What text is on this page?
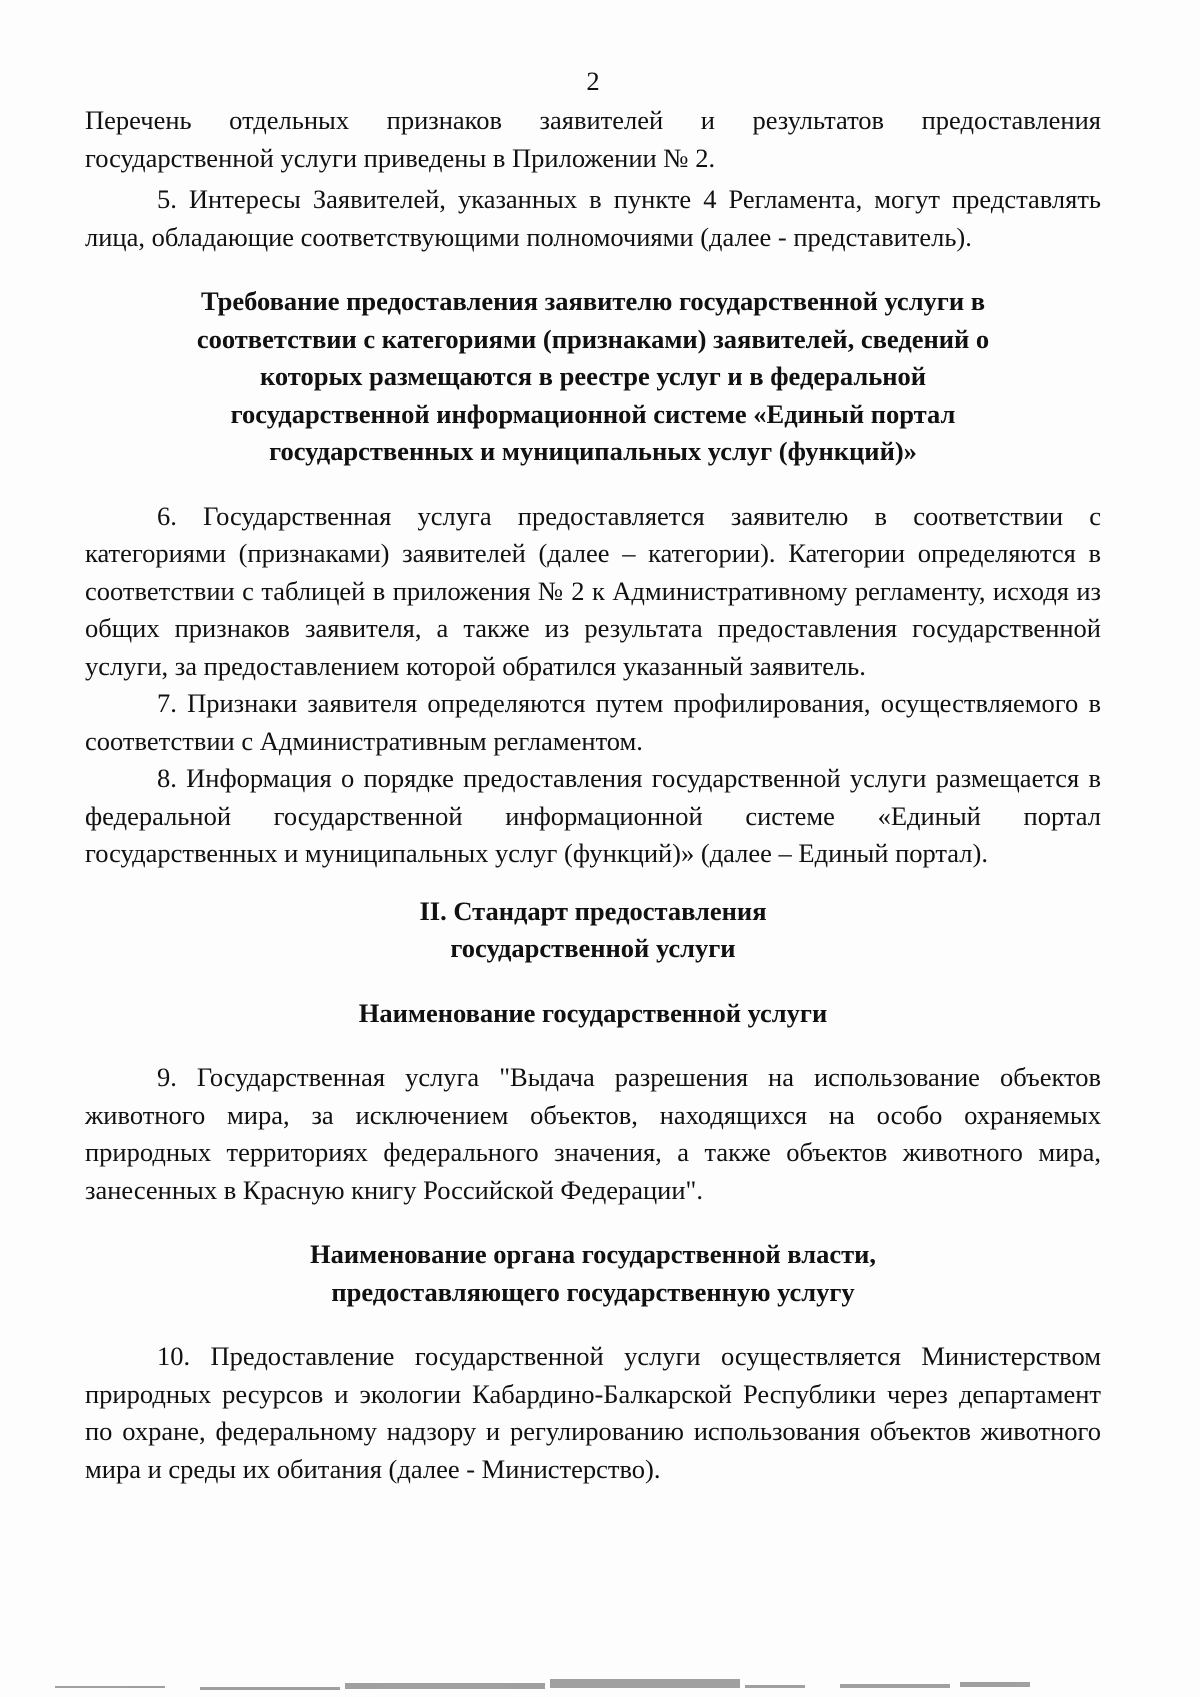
2

Перечень отдельных признаков заявителей и результатов предоставления государственной услуги приведены в Приложении № 2.

5. Интересы Заявителей, указанных в пункте 4 Регламента, могут представлять лица, обладающие соответствующими полномочиями (далее - представитель).

Требование предоставления заявителю государственной услуги в соответствии с категориями (признаками) заявителей, сведений о которых размещаются в реестре услуг и в федеральной государственной информационной системе «Единый портал государственных и муниципальных услуг (функций)»

6. Государственная услуга предоставляется заявителю в соответствии с категориями (признаками) заявителей (далее – категории). Категории определяются в соответствии с таблицей в приложения № 2 к Административному регламенту, исходя из общих признаков заявителя, а также из результата предоставления государственной услуги, за предоставлением которой обратился указанный заявитель.

7. Признаки заявителя определяются путем профилирования, осуществляемого в соответствии с Административным регламентом.

8. Информация о порядке предоставления государственной услуги размещается в федеральной государственной информационной системе «Единый портал государственных и муниципальных услуг (функций)» (далее – Единый портал).

II. Стандарт предоставления
государственной услуги
Наименование государственной услуги

9. Государственная услуга "Выдача разрешения на использование объектов животного мира, за исключением объектов, находящихся на особо охраняемых природных территориях федерального значения, а также объектов животного мира, занесенных в Красную книгу Российской Федерации".

Наименование органа государственной власти,
предоставляющего государственную услугу

10. Предоставление государственной услуги осуществляется Министерством природных ресурсов и экологии Кабардино-Балкарской Республики через департамент по охране, федеральному надзору и регулированию использования объектов животного мира и среды их обитания (далее - Министерство).
